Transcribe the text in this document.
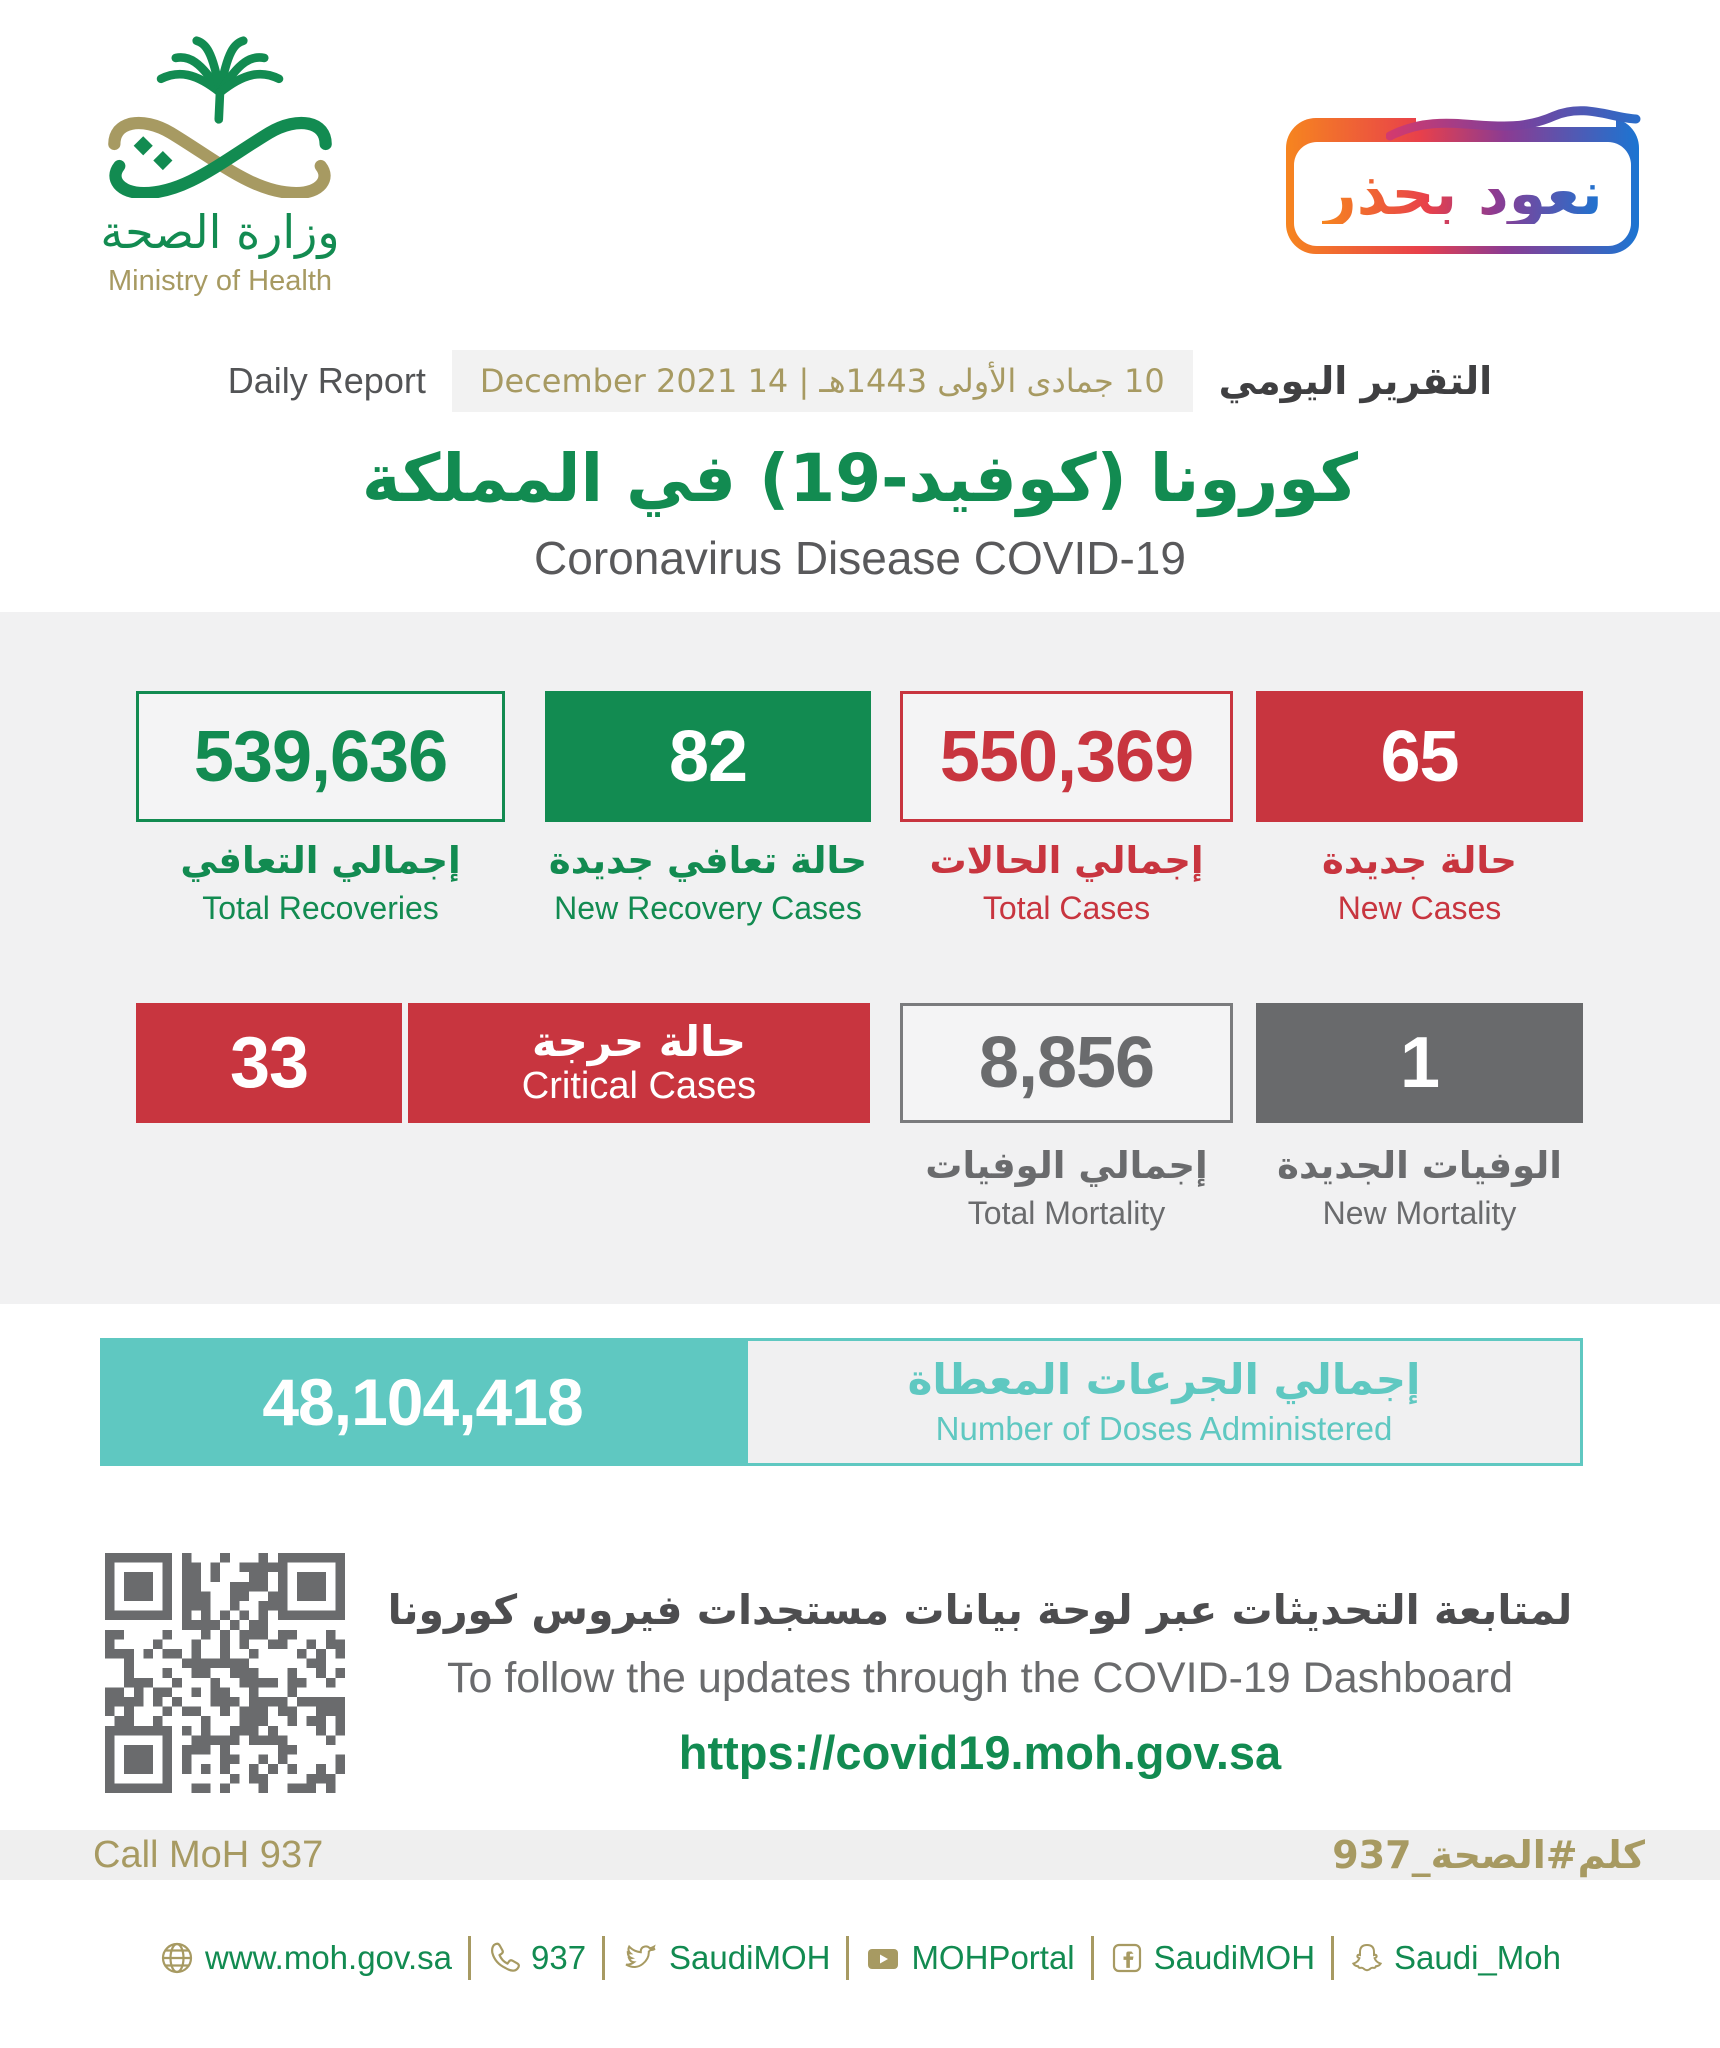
وزارة الصحة
Ministry of Health
نعود بحذر
Daily Report	10 جمادى الأولى 1443هـ | 14 December 2021	التقرير اليومي
كورونا (كوفيد-19) في المملكة
Coronavirus Disease COVID-19
539,636	82	550,369	65
إجمالي التعافي
Total Recoveries
حالة تعافي جديدة
New Recovery Cases
إجمالي الحالات
Total Cases
حالة جديدة
New Cases
33	حالة حرجة
Critical Cases	8,856	1
إجمالي الوفيات
Total Mortality
الوفيات الجديدة
New Mortality
48,104,418	إجمالي الجرعات المعطاة
Number of Doses Administered
لمتابعة التحديثات عبر لوحة بيانات مستجدات فيروس كورونا
To follow the updates through the COVID-19 Dashboard
https://covid19.moh.gov.sa
Call MoH 937	كلم#الصحة_937
www.moh.gov.sa 937	SaudiMOH MOHPortal SaudiMOH Saudi_Moh
